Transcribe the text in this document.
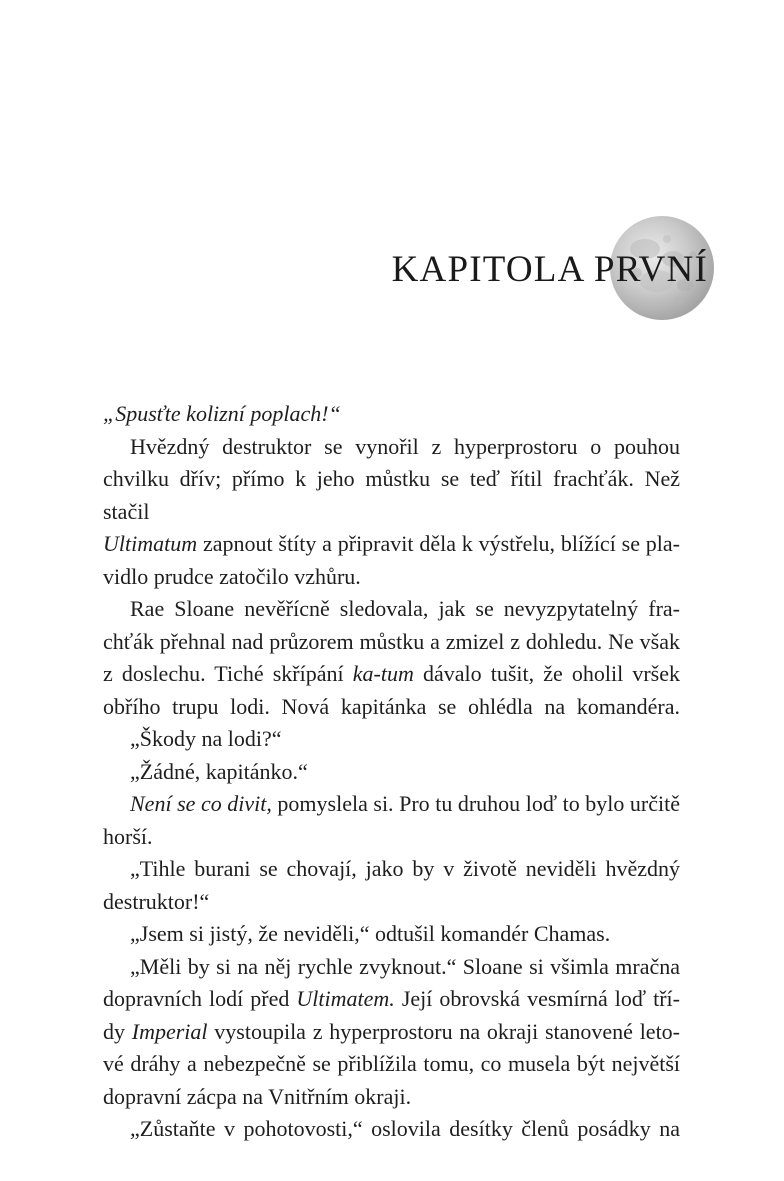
KAPITOLA PRVNÍ
„Spusťte kolizní poplach!“
Hvězdný destruktor se vynořil z hyperprostoru o pouhou
chvilku dřív; přímo k jeho můstku se teď řítil frachťák. Než stačil
Ultimatum zapnout štíty a připravit děla k výstřelu, blížící se pla-
vidlo prudce zatočilo vzhůru.
Rae Sloane nevěřícně sledovala, jak se nevyzpytatelný fra-
chťák přehnal nad průzorem můstku a zmizel z dohledu. Ne však
z doslechu. Tiché skřípání ka-tum dávalo tušit, že oholil vršek
obřího trupu lodi. Nová kapitánka se ohlédla na komandéra.
„Škody na lodi?“
„Žádné, kapitánko.“
Není se co divit, pomyslela si. Pro tu druhou loď to bylo určitě
horší.
„Tihle burani se chovají, jako by v životě neviděli hvězdný
destruktor!“
„Jsem si jistý, že neviděli,“ odtušil komandér Chamas.
„Měli by si na něj rychle zvyknout.“ Sloane si všimla mračna
dopravních lodí před Ultimatem. Její obrovská vesmírná loď tří-
dy Imperial vystoupila z hyperprostoru na okraji stanovené leto-
vé dráhy a nebezpečně se přiblížila tomu, co musela být největší
dopravní zácpa na Vnitřním okraji.
„Zůstaňte v pohotovosti,“ oslovila desítky členů posádky na
